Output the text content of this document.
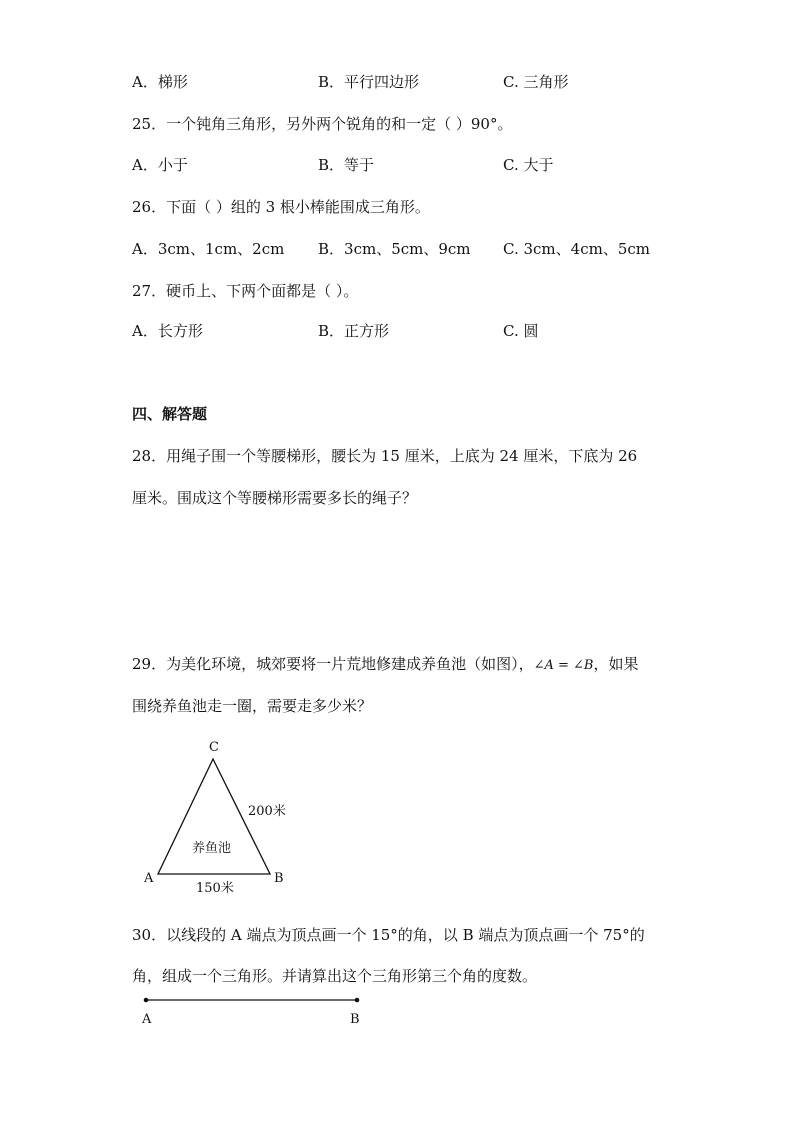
A．梯形	B．平行四边形	C. 三角形
25．一个钝角三角形，另外两个锐角的和一定（ ）90°。
A．小于	B．等于	C. 大于
26．下面（ ）组的 3 根小棒能围成三角形。
A．3cm、1cm、2cm B．3cm、5cm、9cm C. 3cm、4cm、5cm
27．硬币上、下两个面都是（ ）。
A．长方形	B．正方形	C. 圆
四、解答题
28．用绳子围一个等腰梯形，腰长为 15 厘米，上底为 24 厘米，下底为 26
厘米。围成这个等腰梯形需要多长的绳子？
29．为美化环境，城郊要将一片荒地修建成养鱼池（如图），∠A = ∠B，如果
围绕养鱼池走一圈，需要走多少米？
C
A	B
200米
150米
养鱼池
30．以线段的 A 端点为顶点画一个 15°的角，以 B 端点为顶点画一个 75°的
角，组成一个三角形。并请算出这个三角形第三个角的度数。
A	B
